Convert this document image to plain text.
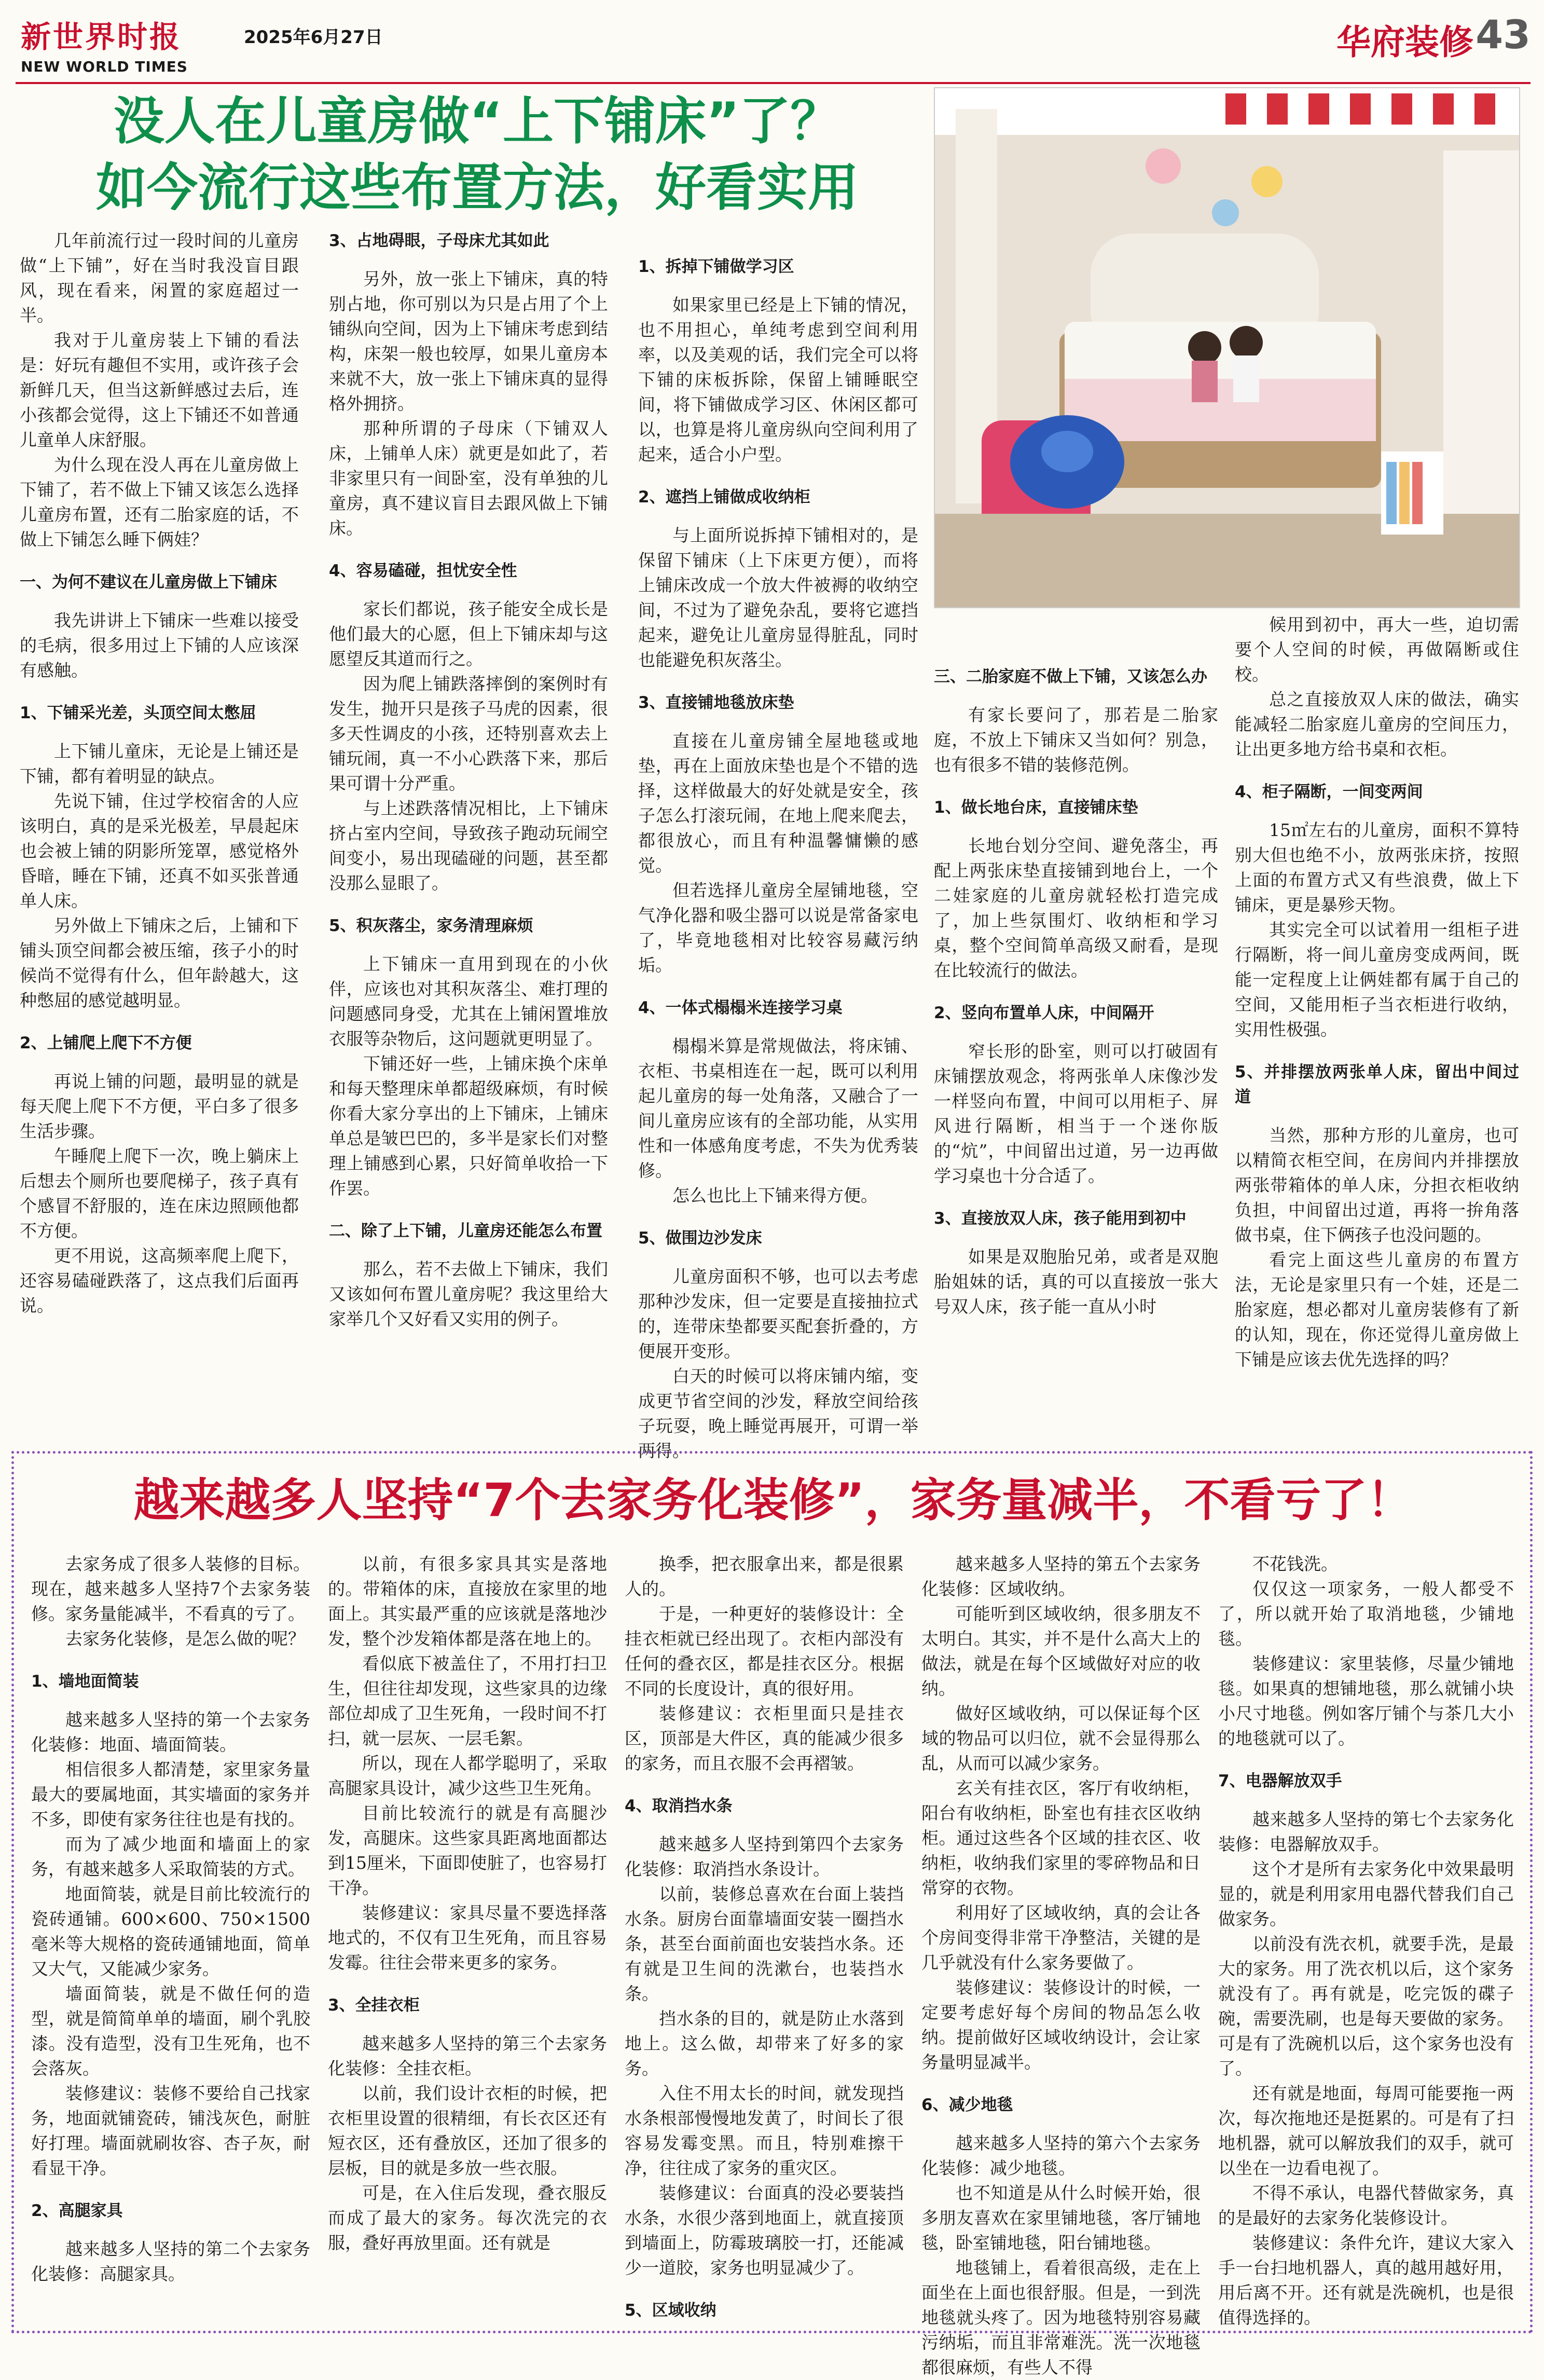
新世界时报	2025年6月27日
NEW WORLD TIMES
华府装修 43
没人在儿童房做“上下铺床”了？
如今流行这些布置方法，好看实用

几年前流行过一段时间的儿童房做“上下铺”，好在当时我没盲目跟风，现在看来，闲置的家庭超过一半。

我对于儿童房装上下铺的看法是：好玩有趣但不实用，或许孩子会新鲜几天，但当这新鲜感过去后，连小孩都会觉得，这上下铺还不如普通儿童单人床舒服。

为什么现在没人再在儿童房做上下铺了，若不做上下铺又该怎么选择儿童房布置，还有二胎家庭的话，不做上下铺怎么睡下俩娃？

一、为何不建议在儿童房做上下铺床

我先讲讲上下铺床一些难以接受的毛病，很多用过上下铺的人应该深有感触。

1、下铺采光差，头顶空间太憋屈

上下铺儿童床，无论是上铺还是下铺，都有着明显的缺点。

先说下铺，住过学校宿舍的人应该明白，真的是采光极差，早晨起床也会被上铺的阴影所笼罩，感觉格外昏暗，睡在下铺，还真不如买张普通单人床。

另外做上下铺床之后，上铺和下铺头顶空间都会被压缩，孩子小的时候尚不觉得有什么，但年龄越大，这种憋屈的感觉越明显。

2、上铺爬上爬下不方便

再说上铺的问题，最明显的就是每天爬上爬下不方便，平白多了很多生活步骤。

午睡爬上爬下一次，晚上躺床上后想去个厕所也要爬梯子，孩子真有个感冒不舒服的，连在床边照顾他都不方便。

更不用说，这高频率爬上爬下，还容易磕碰跌落了，这点我们后面再说。

3、占地碍眼，子母床尤其如此

另外，放一张上下铺床，真的特别占地，你可别以为只是占用了个上铺纵向空间，因为上下铺床考虑到结构，床架一般也较厚，如果儿童房本来就不大，放一张上下铺床真的显得格外拥挤。

那种所谓的子母床（下铺双人床，上铺单人床）就更是如此了，若非家里只有一间卧室，没有单独的儿童房，真不建议盲目去跟风做上下铺床。

4、容易磕碰，担忧安全性

家长们都说，孩子能安全成长是他们最大的心愿，但上下铺床却与这愿望反其道而行之。

因为爬上铺跌落摔倒的案例时有发生，抛开只是孩子马虎的因素，很多天性调皮的小孩，还特别喜欢去上铺玩闹，真一不小心跌落下来，那后果可谓十分严重。

与上述跌落情况相比，上下铺床挤占室内空间，导致孩子跑动玩闹空间变小，易出现磕碰的问题，甚至都没那么显眼了。

5、积灰落尘，家务清理麻烦

上下铺床一直用到现在的小伙伴，应该也对其积灰落尘、难打理的问题感同身受，尤其在上铺闲置堆放衣服等杂物后，这问题就更明显了。

下铺还好一些，上铺床换个床单和每天整理床单都超级麻烦，有时候你看大家分享出的上下铺床，上铺床单总是皱巴巴的，多半是家长们对整理上铺感到心累，只好简单收拾一下作罢。

二、除了上下铺，儿童房还能怎么布置

那么，若不去做上下铺床，我们又该如何布置儿童房呢？我这里给大家举几个又好看又实用的例子。

1、拆掉下铺做学习区

如果家里已经是上下铺的情况，也不用担心，单纯考虑到空间利用率，以及美观的话，我们完全可以将下铺的床板拆除，保留上铺睡眠空间，将下铺做成学习区、休闲区都可以，也算是将儿童房纵向空间利用了起来，适合小户型。

2、遮挡上铺做成收纳柜

与上面所说拆掉下铺相对的，是保留下铺床（上下床更方便），而将上铺床改成一个放大件被褥的收纳空间，不过为了避免杂乱，要将它遮挡起来，避免让儿童房显得脏乱，同时也能避免积灰落尘。

3、直接铺地毯放床垫

直接在儿童房铺全屋地毯或地垫，再在上面放床垫也是个不错的选择，这样做最大的好处就是安全，孩子怎么打滚玩闹，在地上爬来爬去，都很放心，而且有种温馨慵懒的感觉。

但若选择儿童房全屋铺地毯，空气净化器和吸尘器可以说是常备家电了，毕竟地毯相对比较容易藏污纳垢。

4、一体式榻榻米连接学习桌

榻榻米算是常规做法，将床铺、衣柜、书桌相连在一起，既可以利用起儿童房的每一处角落，又融合了一间儿童房应该有的全部功能，从实用性和一体感角度考虑，不失为优秀装修。

怎么也比上下铺来得方便。

5、做围边沙发床

儿童房面积不够，也可以去考虑那种沙发床，但一定要是直接抽拉式的，连带床垫都要买配套折叠的，方便展开变形。

白天的时候可以将床铺内缩，变成更节省空间的沙发，释放空间给孩子玩耍，晚上睡觉再展开，可谓一举两得。

三、二胎家庭不做上下铺，又该怎么办

有家长要问了，那若是二胎家庭，不放上下铺床又当如何？别急，也有很多不错的装修范例。

1、做长地台床，直接铺床垫

长地台划分空间、避免落尘，再配上两张床垫直接铺到地台上，一个二娃家庭的儿童房就轻松打造完成了，加上些氛围灯、收纳柜和学习桌，整个空间简单高级又耐看，是现在比较流行的做法。

2、竖向布置单人床，中间隔开

窄长形的卧室，则可以打破固有床铺摆放观念，将两张单人床像沙发一样竖向布置，中间可以用柜子、屏风进行隔断，相当于一个迷你版的“炕”，中间留出过道，另一边再做学习桌也十分合适了。

3、直接放双人床，孩子能用到初中

如果是双胞胎兄弟，或者是双胞胎姐妹的话，真的可以直接放一张大号双人床，孩子能一直从小时

候用到初中，再大一些，迫切需要个人空间的时候，再做隔断或住校。

总之直接放双人床的做法，确实能减轻二胎家庭儿童房的空间压力，让出更多地方给书桌和衣柜。

4、柜子隔断，一间变两间

15㎡左右的儿童房，面积不算特别大但也绝不小，放两张床挤，按照上面的布置方式又有些浪费，做上下铺床，更是暴殄天物。

其实完全可以试着用一组柜子进行隔断，将一间儿童房变成两间，既能一定程度上让俩娃都有属于自己的空间，又能用柜子当衣柜进行收纳，实用性极强。

5、并排摆放两张单人床，留出中间过道

当然，那种方形的儿童房，也可以精简衣柜空间，在房间内并排摆放两张带箱体的单人床，分担衣柜收纳负担，中间留出过道，再将一拚角落做书桌，住下俩孩子也没问题的。

看完上面这些儿童房的布置方法，无论是家里只有一个娃，还是二胎家庭，想必都对儿童房装修有了新的认知，现在，你还觉得儿童房做上下铺是应该去优先选择的吗？

越来越多人坚持“7个去家务化装修”，家务量减半，不看亏了！

去家务成了很多人装修的目标。现在，越来越多人坚持7个去家务装修。家务量能减半，不看真的亏了。

去家务化装修，是怎么做的呢？

1、墙地面简装

越来越多人坚持的第一个去家务化装修：地面、墙面简装。

相信很多人都清楚，家里家务量最大的要属地面，其实墙面的家务并不多，即使有家务往往也是有找的。

而为了减少地面和墙面上的家务，有越来越多人采取简装的方式。

地面简装，就是目前比较流行的瓷砖通铺。600×600、750×1500毫米等大规格的瓷砖通铺地面，简单又大气，又能减少家务。

墙面简装，就是不做任何的造型，就是简简单单的墙面，刷个乳胶漆。没有造型，没有卫生死角，也不会落灰。

装修建议：装修不要给自己找家务，地面就铺瓷砖，铺浅灰色，耐脏好打理。墙面就刷妆容、杏子灰，耐看显干净。

2、高腿家具

越来越多人坚持的第二个去家务化装修：高腿家具。

以前，有很多家具其实是落地的。带箱体的床，直接放在家里的地面上。其实最严重的应该就是落地沙发，整个沙发箱体都是落在地上的。

看似底下被盖住了，不用打扫卫生，但往往却发现，这些家具的边缘部位却成了卫生死角，一段时间不打扫，就一层灰、一层毛絮。

所以，现在人都学聪明了，采取高腿家具设计，减少这些卫生死角。

目前比较流行的就是有高腿沙发，高腿床。这些家具距离地面都达到15厘米，下面即使脏了，也容易打干净。

装修建议：家具尽量不要选择落地式的，不仅有卫生死角，而且容易发霉。往往会带来更多的家务。

3、全挂衣柜

越来越多人坚持的第三个去家务化装修：全挂衣柜。

以前，我们设计衣柜的时候，把衣柜里设置的很精细，有长衣区还有短衣区，还有叠放区，还加了很多的层板，目的就是多放一些衣服。

可是，在入住后发现，叠衣服反而成了最大的家务。每次洗完的衣服，叠好再放里面。还有就是

换季，把衣服拿出来，都是很累人的。

于是，一种更好的装修设计：全挂衣柜就已经出现了。衣柜内部没有任何的叠衣区，都是挂衣区分。根据不同的长度设计，真的很好用。

装修建议：衣柜里面只是挂衣区，顶部是大件区，真的能减少很多的家务，而且衣服不会再褶皱。

4、取消挡水条

越来越多人坚持到第四个去家务化装修：取消挡水条设计。

以前，装修总喜欢在台面上装挡水条。厨房台面靠墙面安装一圈挡水条，甚至台面前面也安装挡水条。还有就是卫生间的洗漱台，也装挡水条。

挡水条的目的，就是防止水落到地上。这么做，却带来了好多的家务。

入住不用太长的时间，就发现挡水条根部慢慢地发黄了，时间长了很容易发霉变黑。而且，特别难擦干净，往往成了家务的重灾区。

装修建议：台面真的没必要装挡水条，水很少落到地面上，就直接顶到墙面上，防霉玻璃胶一打，还能减少一道胶，家务也明显减少了。

5、区域收纳

越来越多人坚持的第五个去家务化装修：区域收纳。

可能听到区域收纳，很多朋友不太明白。其实，并不是什么高大上的做法，就是在每个区域做好对应的收纳。

做好区域收纳，可以保证每个区域的物品可以归位，就不会显得那么乱，从而可以减少家务。

玄关有挂衣区，客厅有收纳柜，阳台有收纳柜，卧室也有挂衣区收纳柜。通过这些各个区域的挂衣区、收纳柜，收纳我们家里的零碎物品和日常穿的衣物。

利用好了区域收纳，真的会让各个房间变得非常干净整洁，关键的是几乎就没有什么家务要做了。

装修建议：装修设计的时候，一定要考虑好每个房间的物品怎么收纳。提前做好区域收纳设计，会让家务量明显减半。

6、减少地毯

越来越多人坚持的第六个去家务化装修：减少地毯。

也不知道是从什么时候开始，很多朋友喜欢在家里铺地毯，客厅铺地毯，卧室铺地毯，阳台铺地毯。

地毯铺上，看着很高级，走在上面坐在上面也很舒服。但是，一到洗地毯就头疼了。因为地毯特别容易藏污纳垢，而且非常难洗。洗一次地毯都很麻烦，有些人不得

不花钱洗。

仅仅这一项家务，一般人都受不了，所以就开始了取消地毯，少铺地毯。

装修建议：家里装修，尽量少铺地毯。如果真的想铺地毯，那么就铺小块小尺寸地毯。例如客厅铺个与茶几大小的地毯就可以了。

7、电器解放双手

越来越多人坚持的第七个去家务化装修：电器解放双手。

这个才是所有去家务化中效果最明显的，就是利用家用电器代替我们自己做家务。

以前没有洗衣机，就要手洗，是最大的家务。用了洗衣机以后，这个家务就没有了。再有就是，吃完饭的碟子碗，需要洗刷，也是每天要做的家务。可是有了洗碗机以后，这个家务也没有了。

还有就是地面，每周可能要拖一两次，每次拖地还是挺累的。可是有了扫地机器，就可以解放我们的双手，就可以坐在一边看电视了。

不得不承认，电器代替做家务，真的是最好的去家务化装修设计。

装修建议：条件允许，建议大家入手一台扫地机器人，真的越用越好用，用后离不开。还有就是洗碗机，也是很值得选择的。
